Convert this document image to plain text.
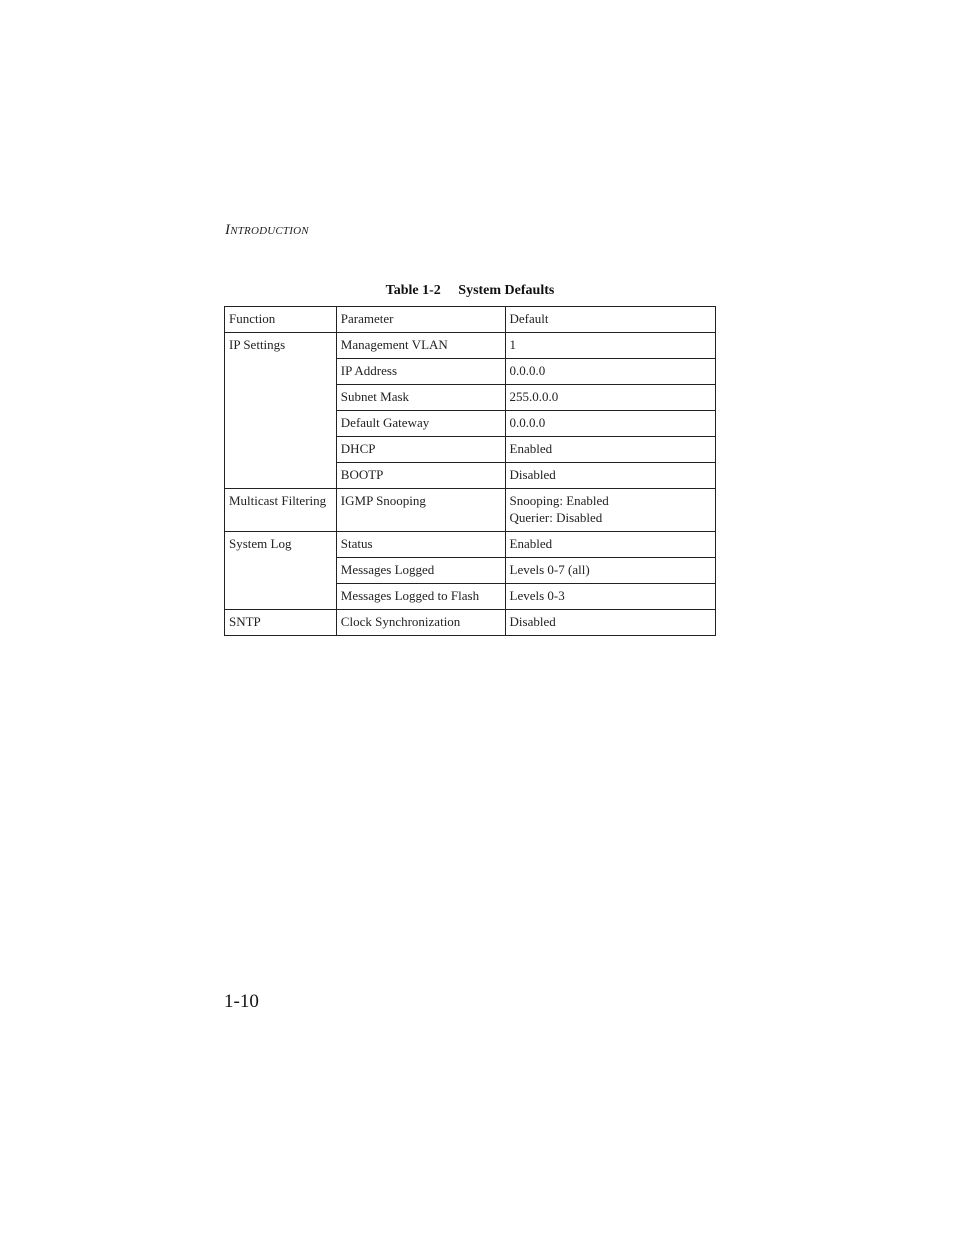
Introduction
Table 1-2 System Defaults
Function	Parameter	Default
IP Settings	Management VLAN	1
	IP Address	0.0.0.0
	Subnet Mask	255.0.0.0
	Default Gateway	0.0.0.0
	DHCP	Enabled
	BOOTP	Disabled
Multicast Filtering	IGMP Snooping	Snooping: Enabled
Querier: Disabled

System Log	Status	Enabled
	Messages Logged	Levels 0-7 (all)
	Messages Logged to Flash	Levels 0-3
SNTP	Clock Synchronization	Disabled
1-10
